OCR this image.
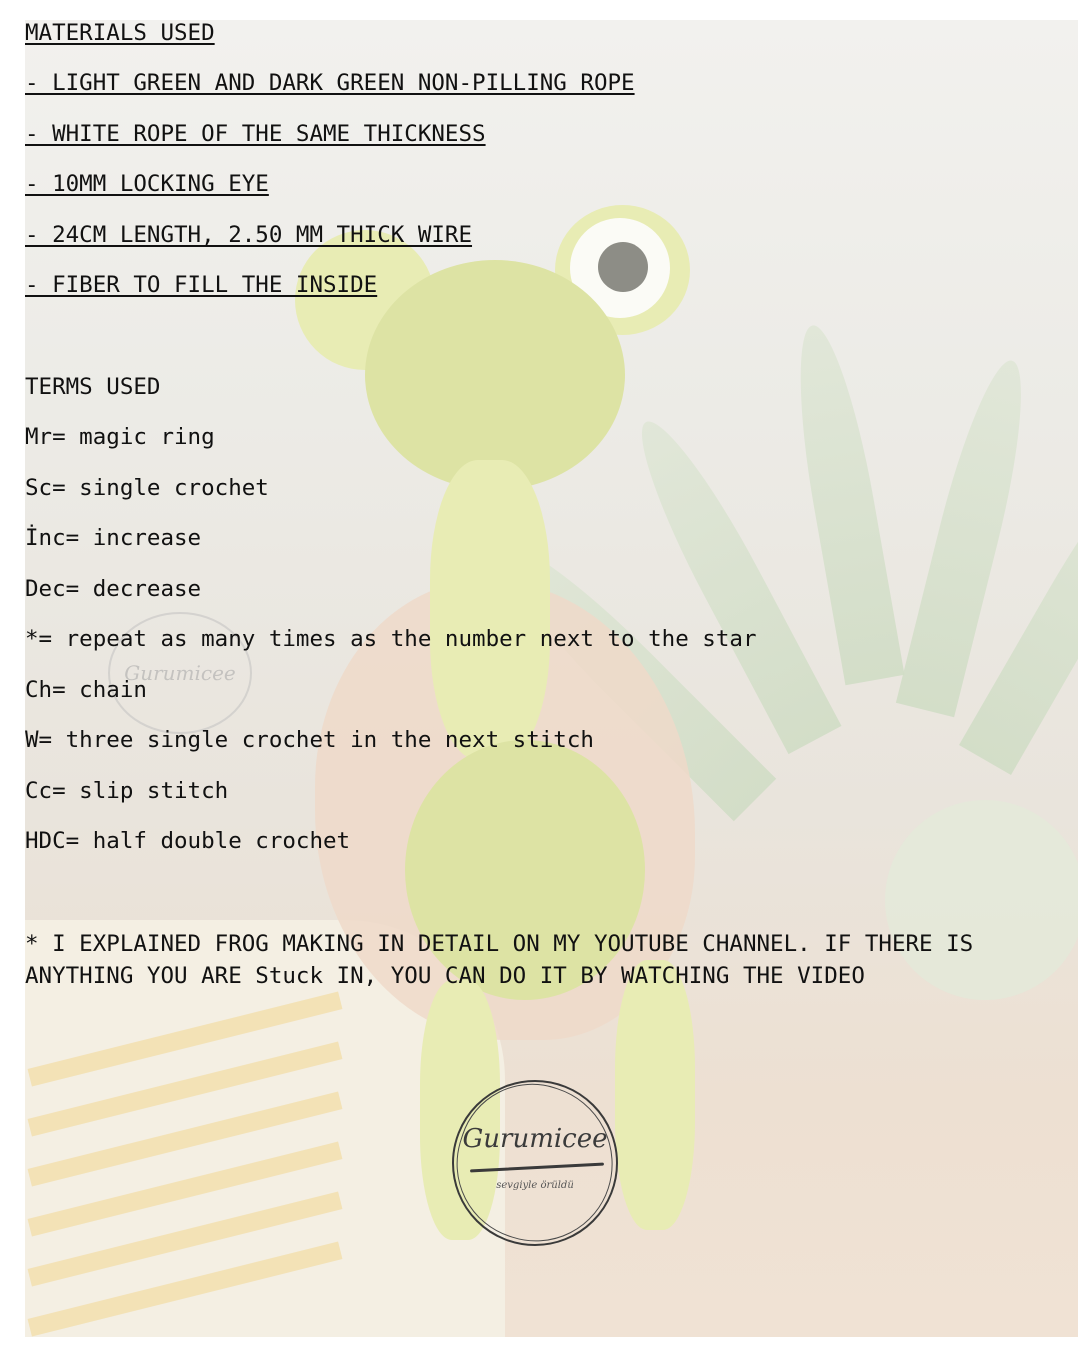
Gurumicee
MATERIALS USED
- LIGHT GREEN AND DARK GREEN NON-PILLING ROPE
- WHITE ROPE OF THE SAME THICKNESS
- 10MM LOCKING EYE
- 24CM LENGTH, 2.50 MM THICK WIRE
- FIBER TO FILL THE INSIDE
TERMS USED
Mr= magic ring
Sc= single crochet
İnc= increase
Dec= decrease
*= repeat as many times as the number next to the star
Ch= chain
W= three single crochet in the next stitch
Cc= slip stitch
HDC= half double crochet
* I EXPLAINED FROG MAKING IN DETAIL ON MY YOUTUBE CHANNEL. IF THERE IS
ANYTHING YOU ARE Stuck IN, YOU CAN DO IT BY WATCHING THE VIDEO
Gurumicee
sevgiyle örüldü
